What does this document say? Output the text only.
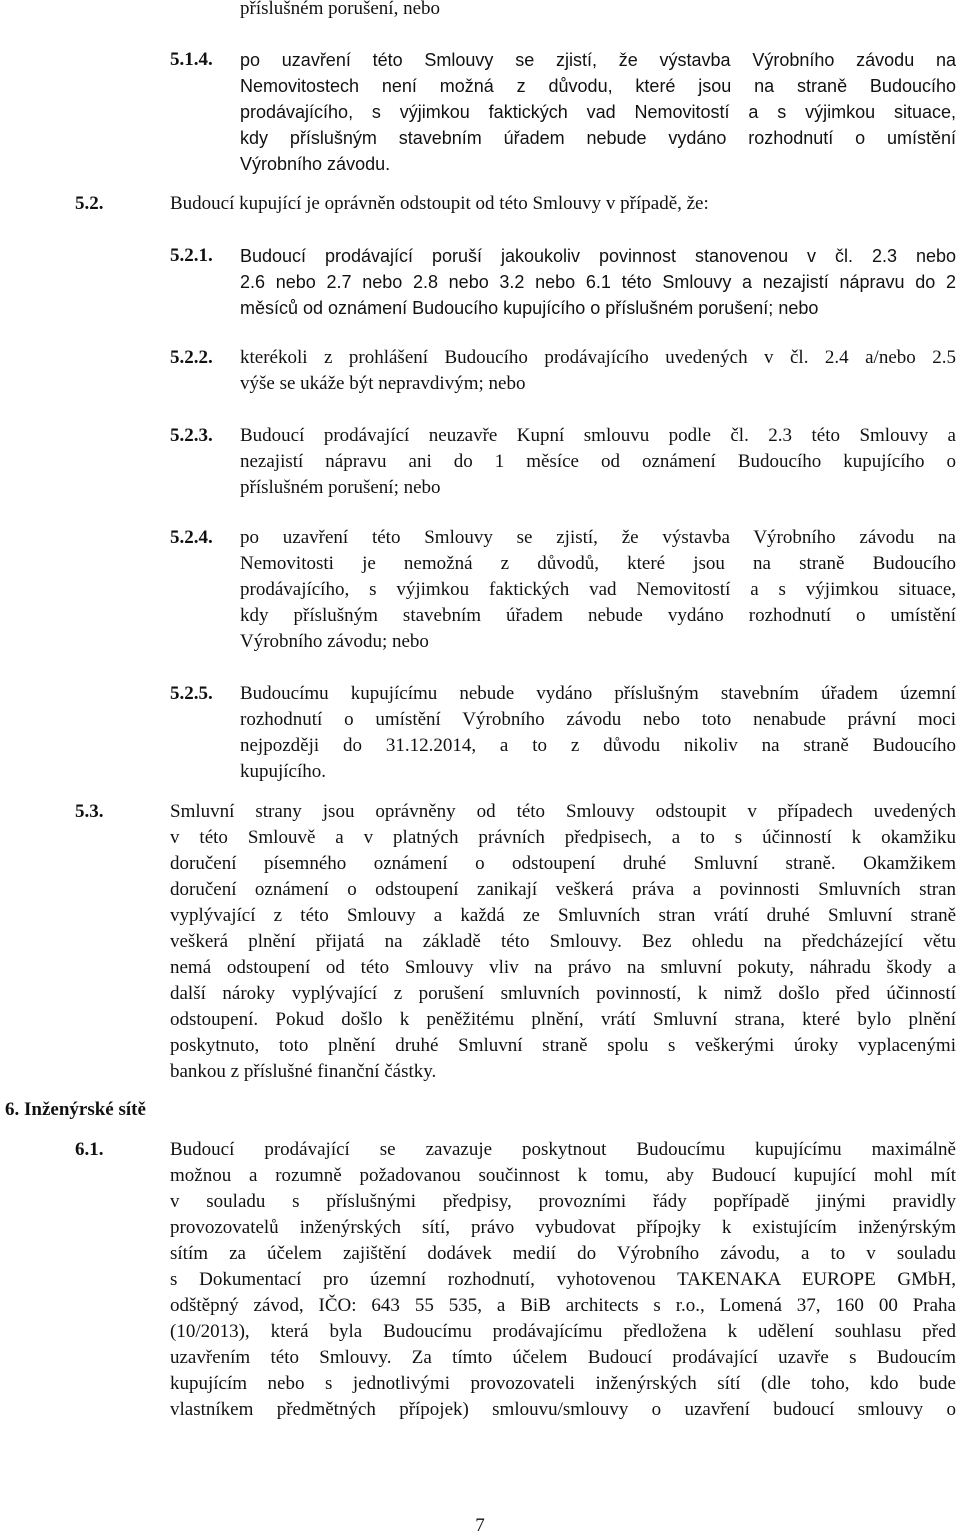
příslušném porušení, nebo

5.1.4. po uzavření této Smlouvy se zjistí, že výstavba Výrobního závodu na
Nemovitostech není možná z důvodu, které jsou na straně Budoucího
prodávajícího, s výjimkou faktických vad Nemovitostí a s výjimkou situace,
kdy příslušným stavebním úřadem nebude vydáno rozhodnutí o umístění
Výrobního závodu.

5.2.	Budoucí kupující je oprávněn odstoupit od této Smlouvy v případě, že:

5.2.1. Budoucí prodávající poruší jakoukoliv povinnost stanovenou v čl. 2.3 nebo
2.6 nebo 2.7 nebo 2.8 nebo 3.2 nebo 6.1 této Smlouvy a nezajistí nápravu do 2
měsíců od oznámení Budoucího kupujícího o příslušném porušení; nebo

5.2.2. kterékoli z prohlášení Budoucího prodávajícího uvedených v čl. 2.4 a/nebo 2.5
výše se ukáže být nepravdivým; nebo

5.2.3. Budoucí prodávající neuzavře Kupní smlouvu podle čl. 2.3 této Smlouvy a
nezajistí nápravu ani do 1 měsíce od oznámení Budoucího kupujícího o
příslušném porušení; nebo

5.2.4. po uzavření této Smlouvy se zjistí, že výstavba Výrobního závodu na
Nemovitosti je nemožná z důvodů, které jsou na straně Budoucího
prodávajícího, s výjimkou faktických vad Nemovitostí a s výjimkou situace,
kdy příslušným stavebním úřadem nebude vydáno rozhodnutí o umístění
Výrobního závodu; nebo

5.2.5. Budoucímu kupujícímu nebude vydáno příslušným stavebním úřadem územní
rozhodnutí o umístění Výrobního závodu nebo toto nenabude právní moci
nejpozději do 31.12.2014, a to z důvodu nikoliv na straně Budoucího
kupujícího.

5.3.	Smluvní strany jsou oprávněny od této Smlouvy odstoupit v případech uvedených
v této Smlouvě a v platných právních předpisech, a to s účinností k okamžiku
doručení písemného oznámení o odstoupení druhé Smluvní straně. Okamžikem
doručení oznámení o odstoupení zanikají veškerá práva a povinnosti Smluvních stran
vyplývající z této Smlouvy a každá ze Smluvních stran vrátí druhé Smluvní straně
veškerá plnění přijatá na základě této Smlouvy. Bez ohledu na předcházející větu
nemá odstoupení od této Smlouvy vliv na právo na smluvní pokuty, náhradu škody a
další nároky vyplývající z porušení smluvních povinností, k nimž došlo před účinností
odstoupení. Pokud došlo k peněžitému plnění, vrátí Smluvní strana, které bylo plnění
poskytnuto, toto plnění druhé Smluvní straně spolu s veškerými úroky vyplacenými
bankou z příslušné finanční částky.

6. Inženýrské sítě

6.1.	Budoucí prodávající se zavazuje poskytnout Budoucímu kupujícímu maximálně
možnou a rozumně požadovanou součinnost k tomu, aby Budoucí kupující mohl mít
v souladu s příslušnými předpisy, provozními řády popřípadě jinými pravidly
provozovatelů inženýrských sítí, právo vybudovat přípojky k existujícím inženýrským
sítím za účelem zajištění dodávek medií do Výrobního závodu, a to v souladu
s Dokumentací pro územní rozhodnutí, vyhotovenou TAKENAKA EUROPE GMbH,
odštěpný závod, IČO: 643 55 535, a BiB architects s r.o., Lomená 37, 160 00 Praha
(10/2013), která byla Budoucímu prodávajícímu předložena k udělení souhlasu před
uzavřením této Smlouvy. Za tímto účelem Budoucí prodávající uzavře s Budoucím
kupujícím nebo s jednotlivými provozovateli inženýrských sítí (dle toho, kdo bude
vlastníkem předmětných přípojek) smlouvu/smlouvy o uzavření budoucí smlouvy o
7
